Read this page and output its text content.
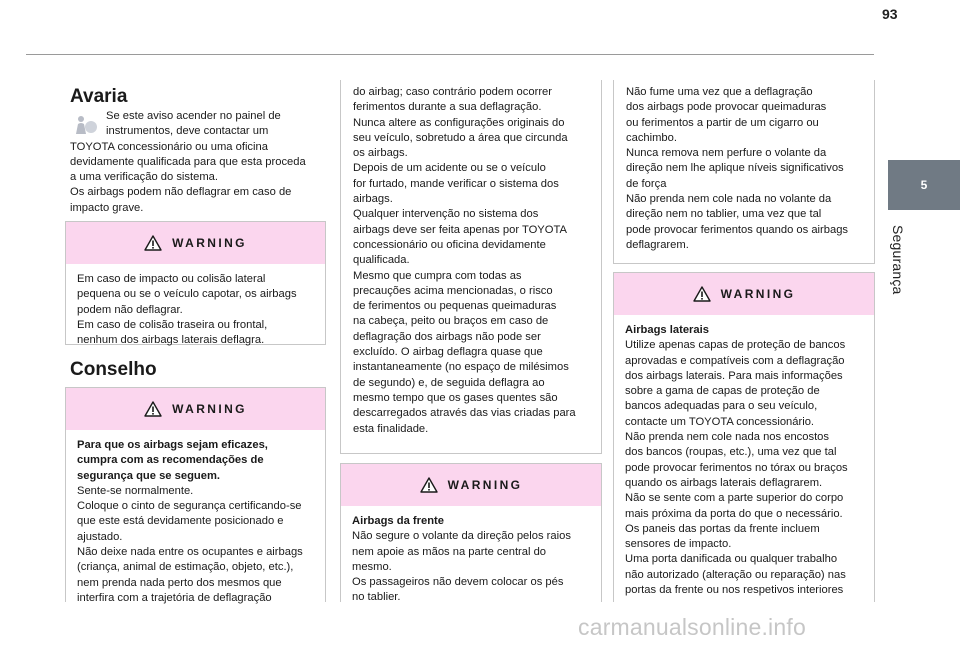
93
5
Segurança
Avaria
Se este aviso acender no painel de
instrumentos, deve contactar um
TOYOTA concessionário ou uma oficina
devidamente qualificada para que esta proceda
a uma verificação do sistema.
Os airbags podem não deflagrar em caso de
impacto grave.
WARNING
Em caso de impacto ou colisão lateral
pequena ou se o veículo capotar, os airbags
podem não deflagrar.
Em caso de colisão traseira ou frontal,
nenhum dos airbags laterais deflagra.
Conselho
WARNING
Para que os airbags sejam eficazes,
cumpra com as recomendações de
segurança que se seguem.
Sente-se normalmente.
Coloque o cinto de segurança certificando-se
que este está devidamente posicionado e
ajustado.
Não deixe nada entre os ocupantes e airbags
(criança, animal de estimação, objeto, etc.),
nem prenda nada perto dos mesmos que
interfira com a trajetória de deflagração
do airbag; caso contrário podem ocorrer
ferimentos durante a sua deflagração.
Nunca altere as configurações originais do
seu veículo, sobretudo a área que circunda
os airbags.
Depois de um acidente ou se o veículo
for furtado, mande verificar o sistema dos
airbags.
Qualquer intervenção no sistema dos
airbags deve ser feita apenas por TOYOTA
concessionário ou oficina devidamente
qualificada.
Mesmo que cumpra com todas as
precauções acima mencionadas, o risco
de ferimentos ou pequenas queimaduras
na cabeça, peito ou braços em caso de
deflagração dos airbags não pode ser
excluído. O airbag deflagra quase que
instantaneamente (no espaço de milésimos
de segundo) e, de seguida deflagra ao
mesmo tempo que os gases quentes são
descarregados através das vias criadas para
esta finalidade.
WARNING
Airbags da frente
Não segure o volante da direção pelos raios
nem apoie as mãos na parte central do
mesmo.
Os passageiros não devem colocar os pés
no tablier.
Não fume uma vez que a deflagração
dos airbags pode provocar queimaduras
ou ferimentos a partir de um cigarro ou
cachimbo.
Nunca remova nem perfure o volante da
direção nem lhe aplique níveis significativos
de força
Não prenda nem cole nada no volante da
direção nem no tablier, uma vez que tal
pode provocar ferimentos quando os airbags
deflagrarem.
WARNING
Airbags laterais
Utilize apenas capas de proteção de bancos
aprovadas e compatíveis com a deflagração
dos airbags laterais. Para mais informações
sobre a gama de capas de proteção de
bancos adequadas para o seu veículo,
contacte um TOYOTA concessionário.
Não prenda nem cole nada nos encostos
dos bancos (roupas, etc.), uma vez que tal
pode provocar ferimentos no tórax ou braços
quando os airbags laterais deflagrarem.
Não se sente com a parte superior do corpo
mais próxima da porta do que o necessário.
Os paneis das portas da frente incluem
sensores de impacto.
Uma porta danificada ou qualquer trabalho
não autorizado (alteração ou reparação) nas
portas da frente ou nos respetivos interiores
carmanualsonline.info
